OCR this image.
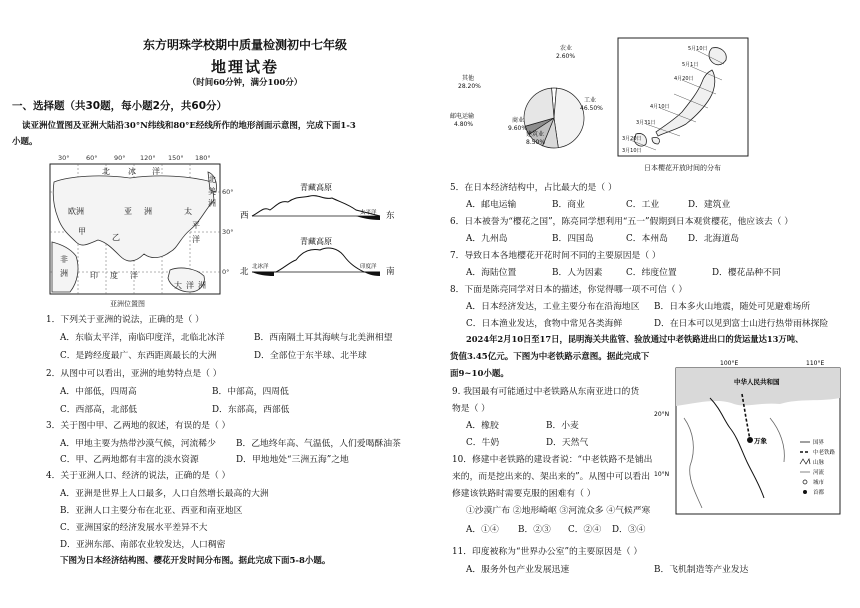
东方明珠学校期中质量检测初中七年级
地理试卷
（时间60分钟，满分100分）
一、选择题（共30题，每小题2分，共60分）
读亚洲位置图及亚洲大陆沿30°N纬线和80°E经线所作的地形剖面示意图，完成下面1-3
小题。
30°	60°	90° 120° 150° 180°
60°
30°
0°
北 冰 洋
北
美
洲
欧洲	亚 洲	太
平
洋
甲
乙
非
洲	印 度 洋
大 洋 洲
亚洲位置图
青藏高原
西	东
太平洋
青藏高原
北	南
北冰洋	印度洋
1．下列关于亚洲的说法，正确的是（ ）
A．东临太平洋，南临印度洋，北临北冰洋	B．西南隔土耳其海峡与北美洲相望
C．是跨经度最广、东西距离最长的大洲	D．全部位于东半球、北半球
2．从图中可以看出，亚洲的地势特点是（ ）
A．中部低，四周高	B．中部高，四周低
C．西部高，北部低	D．东部高，西部低
3．关于图中甲、乙两地的叙述，有误的是（ ）
A．甲地主要为热带沙漠气候，河流稀少 B．乙地终年高、气温低，人们爱喝酥油茶
C．甲、乙两地都有丰富的淡水资源	D．甲地地处“三洲五海”之地
4．关于亚洲人口、经济的说法，正确的是（ ）
A．亚洲是世界上人口最多，人口自然增长最高的大洲
B．亚洲人口主要分布在北亚、西亚和南亚地区
C．亚洲国家的经济发展水平差异不大
D．亚洲东部、南部农业较发达，人口稠密
下图为日本经济结构图、樱花开发时间分布图。据此完成下面5-8小题。
农业
2.60%
其他
28.20%
工业
46.50%
邮电运输
4.80%
商业
9.60%
建筑业
8.50%
5月10日
5月1日
4月20日
4月10日
3月31日
3月20日
3月10日
日本樱花开放时间的分布
5．在日本经济结构中，占比最大的是（ ）
A．邮电运输	B．商业	C．工业	D．建筑业
6．日本被誉为“樱花之国”，陈亮同学想利用“五一”假期到日本观赏樱花，他应该去（ ）
A．九州岛	B．四国岛	C．本州岛 D．北海道岛
7．导致日本各地樱花开花时间不同的主要原因是（ ）
A．海陆位置	B．人为因素	C．纬度位置	D．樱花品种不同
8．下面是陈亮同学对日本的描述，你觉得哪一项不可信（ ）
A．日本经济发达，工业主要分布在沿海地区 B．日本多火山地震，随处可见避难场所
C．日本渔业发达，食物中常见各类海鲜	D．在日本可以见到富士山进行热带雨林探险
2024年2月10日至17日，昆明海关共监管、验放通过中老铁路进出口的货运量达13万吨、
货值3.45亿元。下图为中老铁路示意图。据此完成下
面9~10小题。
100°E	110°E
20°N
10°N
万象
中华人民共和国
国界
中老铁路
山脉
河流
城市
首都
9. 我国最有可能通过中老铁路从东南亚进口的货
物是（ ）
A．橡胶	B．小麦
C．牛奶	D．天然气
10．修建中老铁路的建设者说：“中老铁路不是铺出
来的，而是挖出来的、架出来的”。从图中可以看出
修建该铁路时需要克服的困难有（ ）
①沙漠广布 ②地形崎岖 ③河流众多 ④气候严寒
A．①④ B．②③ C．②④ D．③④
11．印度被称为“世界办公室”的主要原因是（ ）
A．服务外包产业发展迅速	B．飞机制造等产业发达
